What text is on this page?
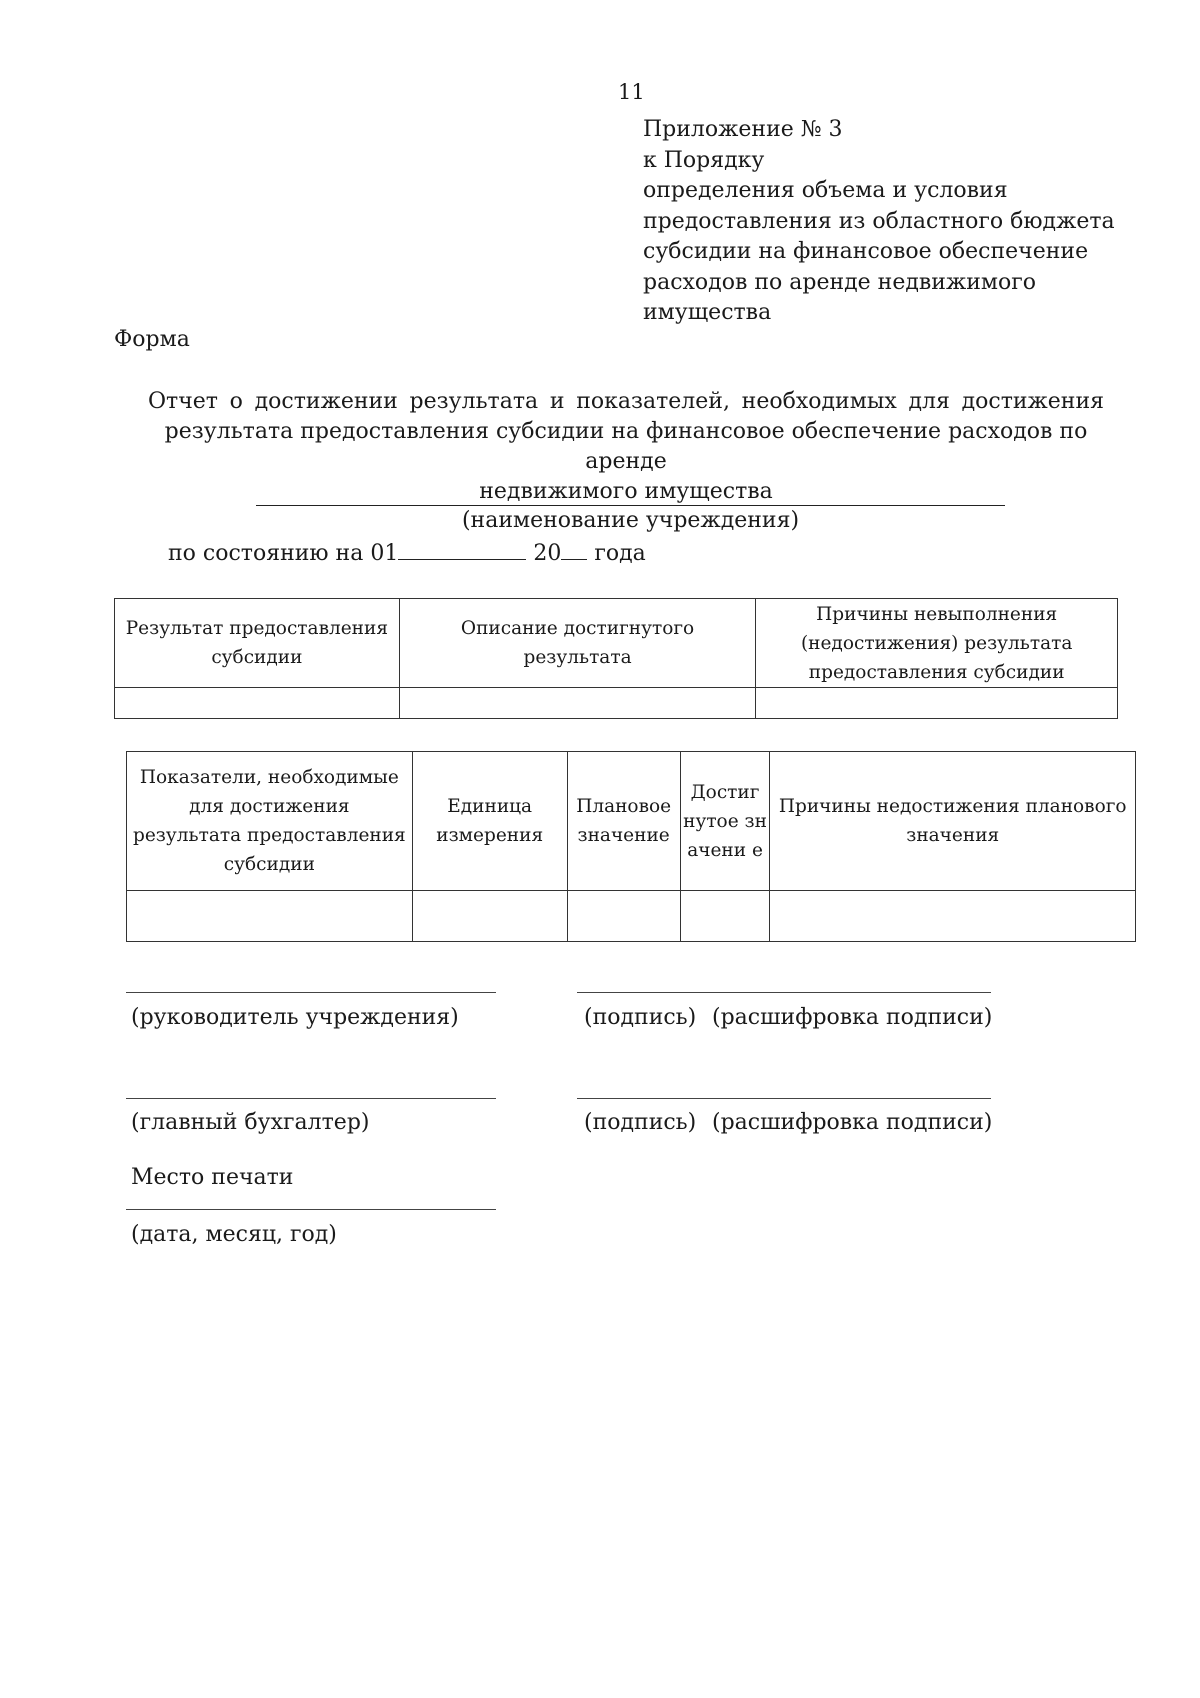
11
Приложение № 3
к Порядку
определения объема и условия
предоставления из областного бюджета
субсидии на финансовое обеспечение
расходов по аренде недвижимого
имущества
Форма
Отчет о достижении результата и показателей, необходимых для достижения
результата предоставления субсидии на финансовое обеспечение расходов по аренде
недвижимого имущества
(наименование учреждения)
по состоянию на 01	20 года
Результат предоставления субсидии	Описание достигнутого результата	Причины невыполнения (недостижения) результата предоставления субсидии

Показатели, необходимые для достижения результата предоставления субсидии	Единица измерения	Плановое значение	Достиг нутое значени е	Причины недостижения планового значения

(руководитель учреждения)	(подпись) (расшифровка подписи)
(главный бухгалтер)	(подпись) (расшифровка подписи)
Место печати
(дата, месяц, год)
